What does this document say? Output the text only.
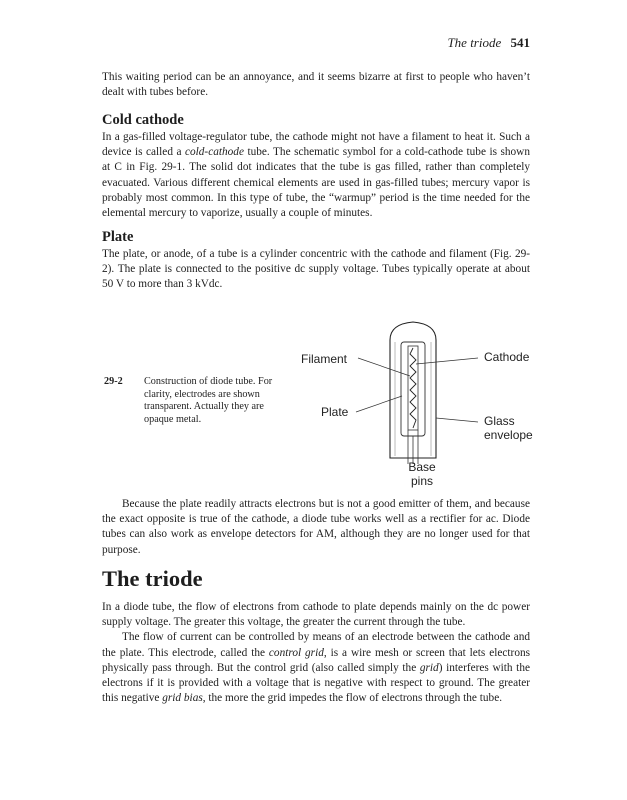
The triode 541

This waiting period can be an annoyance, and it seems bizarre at first to people who haven’t dealt with tubes before.

Cold cathode

In a gas-filled voltage-regulator tube, the cathode might not have a filament to heat it. Such a device is called a cold-cathode tube. The schematic symbol for a cold-cathode tube is shown at C in Fig. 29-1. The solid dot indicates that the tube is gas filled, rather than completely evacuated. Various different chemical elements are used in gas-filled tubes; mercury vapor is probably most common. In this type of tube, the “warmup” period is the time needed for the elemental mercury to vaporize, usually a couple of minutes.

Plate

The plate, or anode, of a tube is a cylinder concentric with the cathode and filament (Fig. 29-2). The plate is connected to the positive dc supply voltage. Tubes typically operate at about 50 V to more than 3 kVdc.

29-2 Construction of diode tube. For clarity, electrodes are shown transparent. Actually they are opaque metal.
Filament
Plate
Cathode
Glass
envelope
Base
pins

Because the plate readily attracts electrons but is not a good emitter of them, and because the exact opposite is true of the cathode, a diode tube works well as a rectifier for ac. Diode tubes can also work as envelope detectors for AM, although they are no longer used for that purpose.

The triode

In a diode tube, the flow of electrons from cathode to plate depends mainly on the dc power supply voltage. The greater this voltage, the greater the current through the tube.

The flow of current can be controlled by means of an electrode between the cathode and the plate. This electrode, called the control grid, is a wire mesh or screen that lets electrons physically pass through. But the control grid (also called simply the grid) interferes with the electrons if it is provided with a voltage that is negative with respect to ground. The greater this negative grid bias, the more the grid impedes the flow of electrons through the tube.
